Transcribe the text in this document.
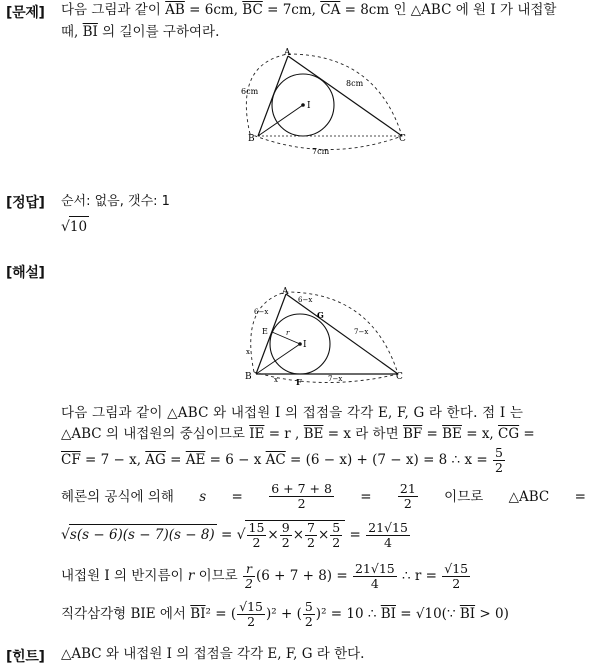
[문제] 다음 그림과 같이 $\overline{AB} = 6cm$, $\overline{BC} = 7cm$, $\overline{CA} = 8cm$ 인 △ABC 에 원 I 가 내접할
때, $\overline{BI}$ 의 길이를 구하여라.
A
B	C
I
6cm
8cm
7cm
[정답] 순서: 없음, 갯수: 1
√10
[해설]
A
B	C
I
E
F
G
r
6−x
6−x
7−x
x
x	7−x
다음 그림과 같이 △ABC 와 내접원 I 의 접점을 각각 E, F, G 라 한다. 점 I 는
△ABC 의 내접원의 중심이므로 $\overline{IE} = r$ , $\overline{BE} = x$ 라 하면 $\overline{BF} = \overline{BE} = x$, $\overline{CG}$ =
$\overline{CF} = 7 - x$, $\overline{AG} = \overline{AE} = 6 - x$ $\overline{AC} = (6 - x) + (7 - x) = 8$ ∴ $x = \frac{5}{2}$
헤론의 공식에 의해 $s = \frac{6 + 7 + 8}{2} = \frac{21}{2}$ 이므로 △ABC =
√s(s − 6)(s − 7)(s − 8) = √ $\frac{15}{2} \times \frac{9}{2} \times \frac{7}{2} \times \frac{5}{2} = \frac{21√15}{4}$
내접원 I 의 반지름이 r 이므로 $\frac{r}{2} (6 + 7 + 8) = \frac{21√15}{4}$ ∴ $r = \frac{√15}{2}$
직각삼각형 BIE 에서 $\overline{BI}^2$ = ( $\frac{√15}{2} )^2$ + ( $\frac{5}{2} )^2 = 10$ ∴ $\overline{BI}$ = √10(∵ $\overline{BI} > 0$)
[힌트] △ABC 와 내접원 I 의 접점을 각각 E, F, G 라 한다.
